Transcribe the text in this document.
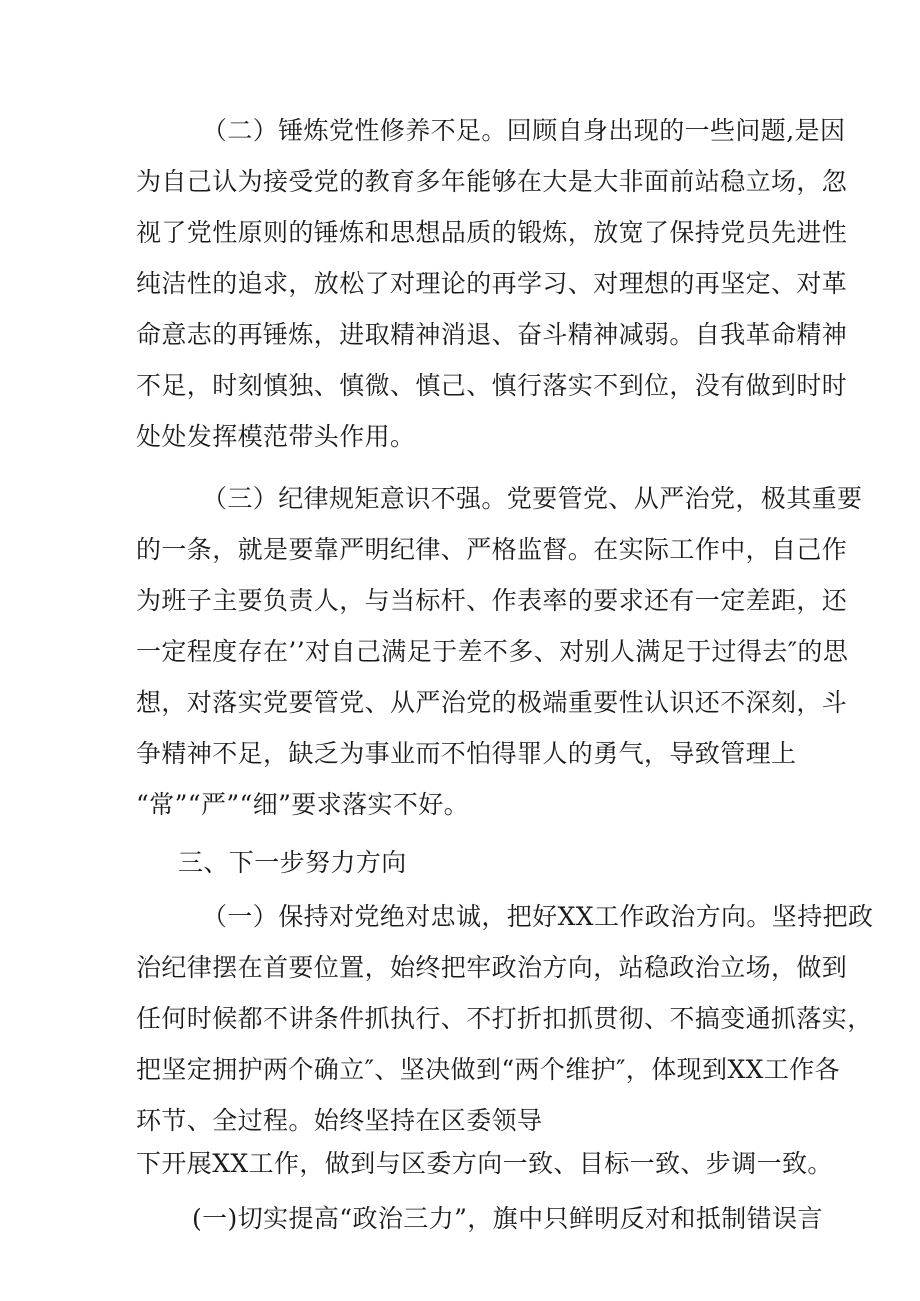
（二）锤炼党性修养不足。回顾自身出现的一些问题,是因
为自己认为接受党的教育多年能够在大是大非面前站稳立场，忽
视了党性原则的锤炼和思想品质的锻炼，放宽了保持党员先进性
纯洁性的追求，放松了对理论的再学习、对理想的再坚定、对革
命意志的再锤炼，进取精神消退、奋斗精神减弱。自我革命精神
不足，时刻慎独、慎微、慎己、慎行落实不到位，没有做到时时
处处发挥模范带头作用。
（三）纪律规矩意识不强。党要管党、从严治党，极其重要
的一条，就是要靠严明纪律、严格监督。在实际工作中，自己作
为班子主要负责人，与当标杆、作表率的要求还有一定差距，还
一定程度存在’’对自己满足于差不多、对别人满足于过得去″的思
想，对落实党要管党、从严治党的极端重要性认识还不深刻，斗
争精神不足，缺乏为事业而不怕得罪人的勇气，导致管理上
“常”“严”“细”要求落实不好。
三、下一步努力方向
（一）保持对党绝对忠诚，把好XX工作政治方向。坚持把政
治纪律摆在首要位置，始终把牢政治方向，站稳政治立场，做到
任何时候都不讲条件抓执行、不打折扣抓贯彻、不搞变通抓落实，
把坚定拥护两个确立″、坚决做到“两个维护″，体现到XX工作各
环节、全过程。始终坚持在区委领导
下开展XX工作，做到与区委方向一致、目标一致、步调一致。
(一)切实提高“政治三力”，旗中只鲜明反对和抵制错误言
